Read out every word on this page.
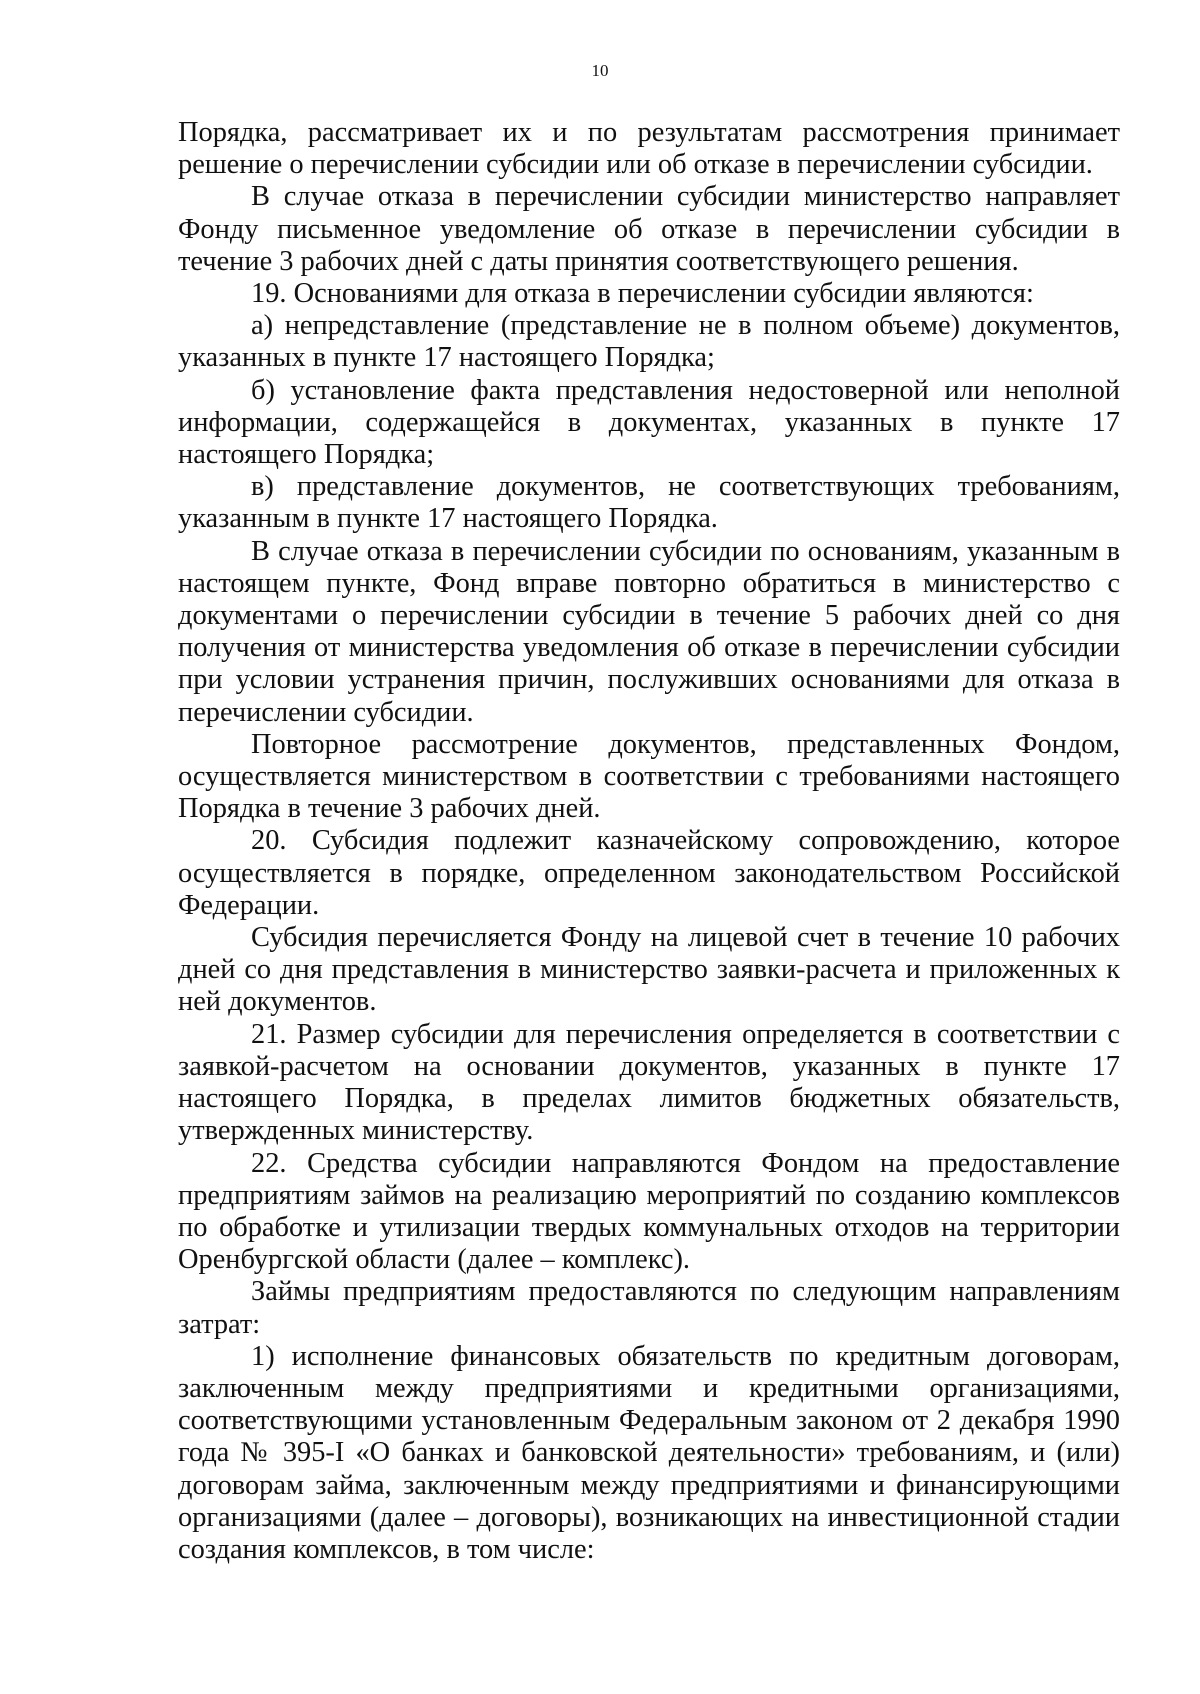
10

Порядка, рассматривает их и по результатам рассмотрения принимает решение о перечислении субсидии или об отказе в перечислении субсидии.

В случае отказа в перечислении субсидии министерство направляет Фонду письменное уведомление об отказе в перечислении субсидии в течение 3 рабочих дней с даты принятия соответствующего решения.

19. Основаниями для отказа в перечислении субсидии являются:

а) непредставление (представление не в полном объеме) документов, указанных в пункте 17 настоящего Порядка;

б) установление факта представления недостоверной или неполной информации, содержащейся в документах, указанных в пункте 17 настоящего Порядка;

в) представление документов, не соответствующих требованиям, указанным в пункте 17 настоящего Порядка.

В случае отказа в перечислении субсидии по основаниям, указанным в настоящем пункте, Фонд вправе повторно обратиться в министерство с документами о перечислении субсидии в течение 5 рабочих дней со дня получения от министерства уведомления об отказе в перечислении субсидии при условии устранения причин, послуживших основаниями для отказа в перечислении субсидии.

Повторное рассмотрение документов, представленных Фондом, осуществляется министерством в соответствии с требованиями настоящего Порядка в течение 3 рабочих дней.

20. Субсидия подлежит казначейскому сопровождению, которое осуществляется в порядке, определенном законодательством Российской Федерации.

Субсидия перечисляется Фонду на лицевой счет в течение 10 рабочих дней со дня представления в министерство заявки-расчета и приложенных к ней документов.

21. Размер субсидии для перечисления определяется в соответствии с заявкой-расчетом на основании документов, указанных в пункте 17 настоящего Порядка, в пределах лимитов бюджетных обязательств, утвержденных министерству.

22. Средства субсидии направляются Фондом на предоставление предприятиям займов на реализацию мероприятий по созданию комплексов по обработке и утилизации твердых коммунальных отходов на территории Оренбургской области (далее – комплекс).

Займы предприятиям предоставляются по следующим направлениям затрат:

1) исполнение финансовых обязательств по кредитным договорам, заключенным между предприятиями и кредитными организациями, соответствующими установленным Федеральным законом от 2 декабря 1990 года № 395-I «О банках и банковской деятельности» требованиям, и (или) договорам займа, заключенным между предприятиями и финансирующими организациями (далее – договоры), возникающих на инвестиционной стадии создания комплексов, в том числе:
